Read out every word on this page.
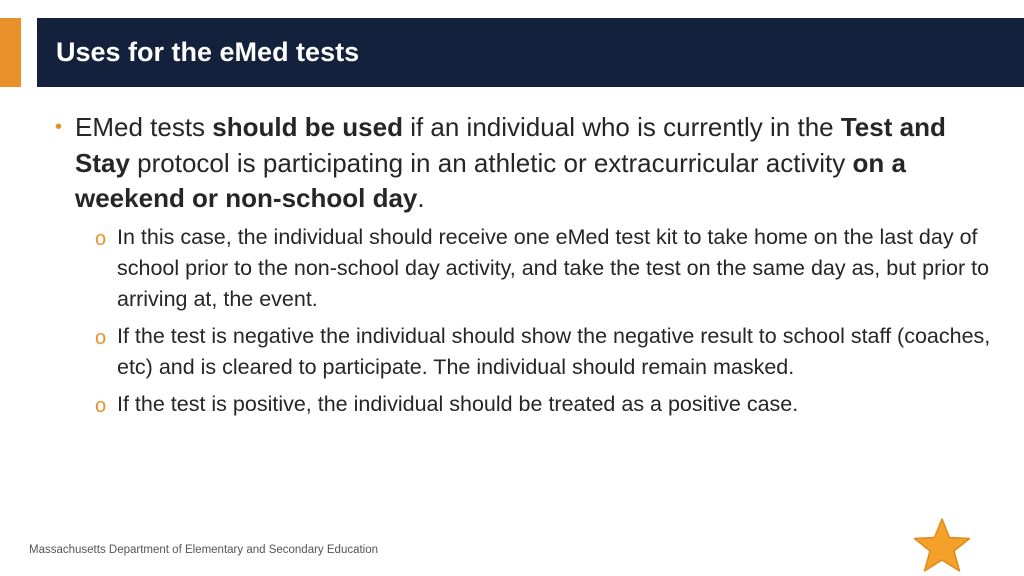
Uses for the eMed tests
• EMed tests should be used if an individual who is currently in the Test and Stay protocol is participating in an athletic or extracurricular activity on a weekend or non-school day.
o In this case, the individual should receive one eMed test kit to take home on the last day of school prior to the non-school day activity, and take the test on the same day as, but prior to arriving at, the event.
o If the test is negative the individual should show the negative result to school staff (coaches, etc) and is cleared to participate. The individual should remain masked.
o If the test is positive, the individual should be treated as a positive case.
Massachusetts Department of Elementary and Secondary Education
